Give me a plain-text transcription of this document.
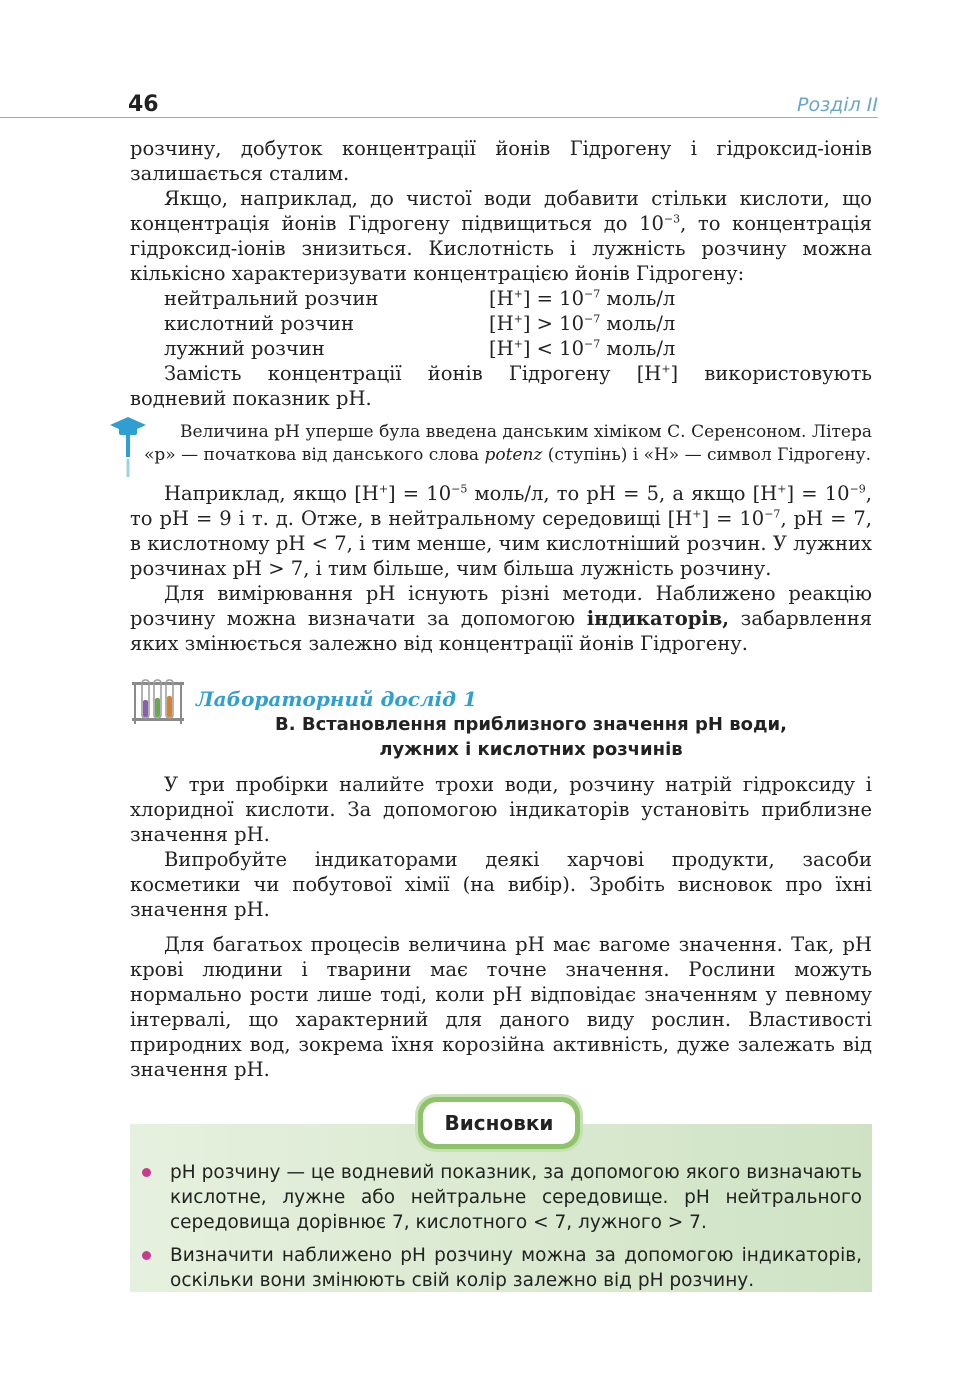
46	Розділ II

розчину, добуток концентрації йонів Гідрогену і гідроксид-іонів залишається сталим.

Якщо, наприклад, до чистої води добавити стільки кислоти, що концентрація йонів Гідрогену підвищиться до $10^{-3}$, то концентрація гідроксид-іонів знизиться. Кислотність і лужність розчину можна кількісно характеризувати концентрацією йонів Гідрогену:

нейтральний розчин	$[H^+] = 10^{-7}$ моль/л
кислотний розчин	$[H^+] > 10^{-7}$ моль/л
лужний розчин	$[H^+] < 10^{-7}$ моль/л

Замість концентрації йонів Гідрогену [H+] використовують водневий показник рН.

Величина рН уперше була введена данським хіміком С. Серенсоном. Літера «р» — початкова від данського слова potenz (ступінь) і «Н» — символ Гідрогену.

Наприклад, якщо $[H^+] = 10^{-5}$ моль/л, то рН = 5, а якщо $[H^+] = 10^{-9}$, то рН = 9 і т. д. Отже, в нейтральному середовищі $[H^+] = 10^{-7}$, рН = 7, в кислотному рН < 7, і тим менше, чим кислотніший розчин. У лужних розчинах рН > 7, і тим більше, чим більша лужність розчину.

Для вимірювання рН існують різні методи. Наближено реакцію розчину можна визначати за допомогою індикаторів, забарвлення яких змінюється залежно від концентрації йонів Гідрогену.

Лабораторний дослід 1
В. Встановлення приблизного значення рН води,
лужних і кислотних розчинів

У три пробірки налийте трохи води, розчину натрій гідроксиду і хлоридної кислоти. За допомогою індикаторів установіть приблизне значення рН.

Випробуйте індикаторами деякі харчові продукти, засоби косметики чи побутової хімії (на вибір). Зробіть висновок про їхні значення рН.

Для багатьох процесів величина рН має вагоме значення. Так, рН крові людини і тварини має точне значення. Рослини можуть нормально рости лише тоді, коли рН відповідає значенням у певному інтервалі, що характерний для даного виду рослин. Властивості природних вод, зокрема їхня корозійна активність, дуже залежать від значення рН.

Висновки
рН розчину — це водневий показник, за допомогою якого визначають кислотне, лужне або нейтральне середовище. рН нейтрального середовища дорівнює 7, кислотного < 7, лужного > 7.
Визначити наближено рН розчину можна за допомогою індикаторів, оскільки вони змінюють свій колір залежно від рН розчину.
